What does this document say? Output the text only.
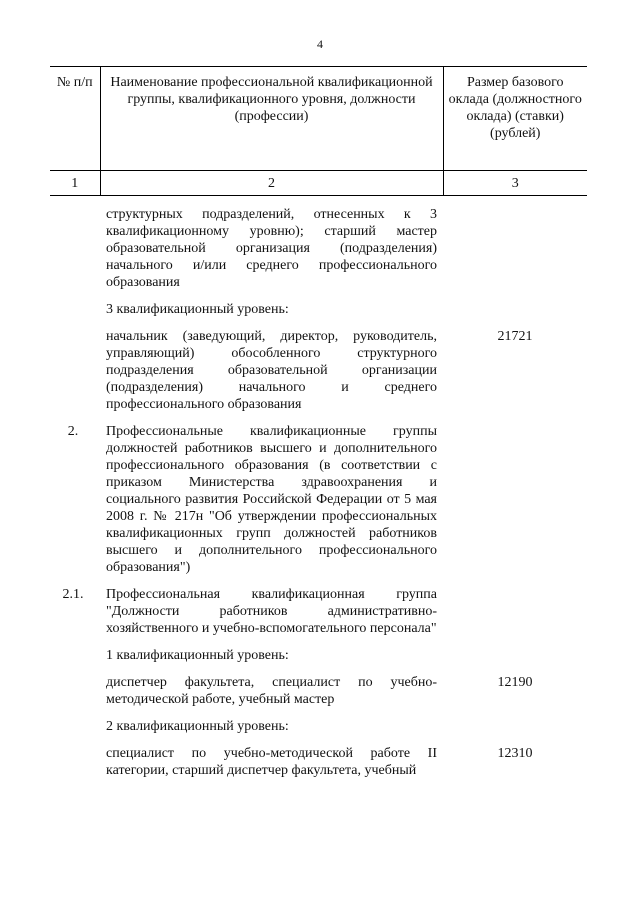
4
№ п/п	Наименование профессиональной квалификационной группы, квалификационного уровня, должности (профессии)	Размер базового оклада (должностного оклада) (ставки) (рублей)
1	2	3

	структурных подразделений, отнесенных к 3 квалификационному уровню); старший мастер образовательной организация (подразделения) начального и/или среднего профессионального образования	

	3 квалификационный уровень:	

	начальник (заведующий, директор, руководитель, управляющий) обособленного структурного подразделения образовательной организации (подразделения) начального и среднего профессионального образования	21721
2.	Профессиональные квалификационные группы должностей работников высшего и дополнительного профессионального образования (в соответствии с приказом Министерства здравоохранения и социального развития Российской Федерации от 5 мая 2008 г. № 217н "Об утверждении профессиональных квалификационных групп должностей работников высшего и дополнительного профессионального образования")	

2.1.	Профессиональная квалификационная группа "Должности работников административно-хозяйственного и учебно-вспомогательного персонала"	

	1 квалификационный уровень:	

	диспетчер факультета, специалист по учебно-методической работе, учебный мастер	12190

	2 квалификационный уровень:	

	специалист по учебно-методической работе II категории, старший диспетчер факультета, учебный	12310
